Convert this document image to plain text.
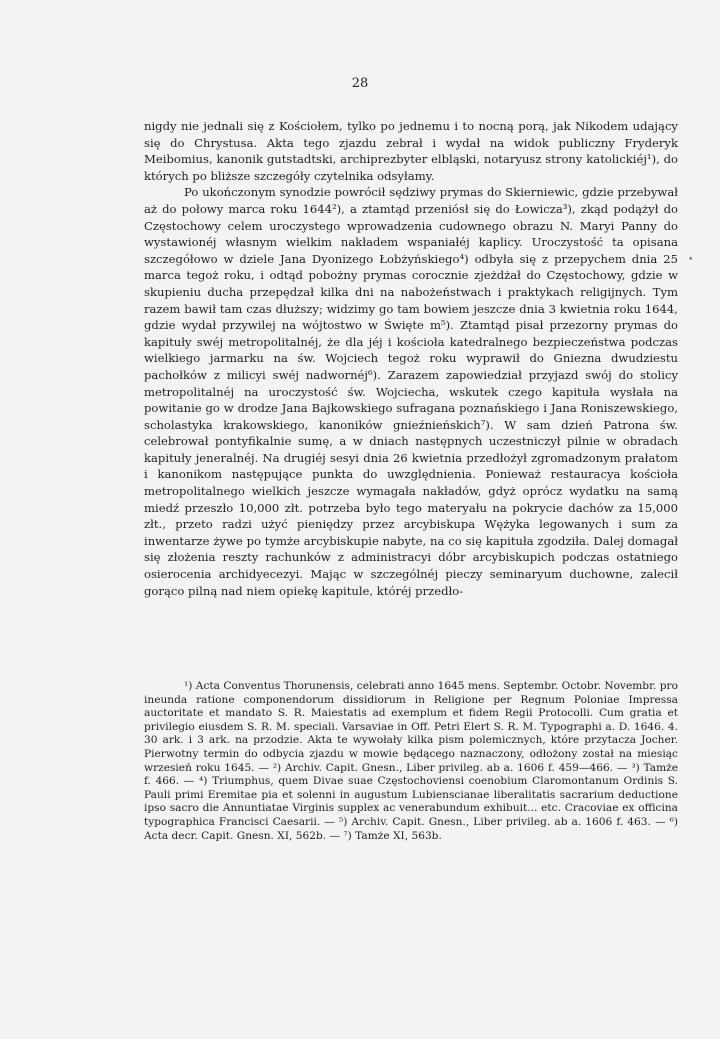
28

nigdy nie jednali się z Kościołem, tylko po jednemu i to nocną porą, jak Nikodem udający się do Chrystusa. Akta tego zjazdu zebrał i wydał na widok publiczny Fryderyk Meibomius, kanonik gutstadtski, archiprezbyter elbląski, notaryusz strony katolickiéj¹), do których po bliższe szczegóły czytelnika odsyłamy.

Po ukończonym synodzie powrócił sędziwy prymas do Skierniewic, gdzie przebywał aż do połowy marca roku 1644²), a ztamtąd przeniósł się do Łowicza³), zkąd podążył do Częstochowy celem uroczystego wprowadzenia cudownego obrazu N. Maryi Panny do wystawionéj własnym wielkim nakładem wspaniałéj kaplicy. Uroczystość ta opisana szczegółowo w dziele Jana Dyonizego Łobżyńskiego⁴) odbyła się z przepychem dnia 25 marca tegoż roku, i odtąd pobożny prymas corocznie zjeżdżał do Częstochowy, gdzie w skupieniu ducha przepędzał kilka dni na nabożeństwach i praktykach religijnych. Tym razem bawił tam czas dłuższy; widzimy go tam bowiem jeszcze dnia 3 kwietnia roku 1644, gdzie wydał przywilej na wójtostwo w Święte m⁵). Ztamtąd pisał przezorny prymas do kapituły swéj metropolitalnéj, że dla jéj i kościoła katedralnego bezpieczeństwa podczas wielkiego jarmarku na św. Wojciech tegoż roku wyprawił do Gniezna dwudziestu pachołków z milicyi swéj nadwornéj⁶). Zarazem zapowiedział przyjazd swój do stolicy metropolitalnéj na uroczystość św. Wojciecha, wskutek czego kapituła wysłała na powitanie go w drodze Jana Bajkowskiego sufragana poznańskiego i Jana Roniszewskiego, scholastyka krakowskiego, kanoników gnieźnieńskich⁷). W sam dzień Patrona św. celebrował pontyfikalnie sumę, a w dniach następnych uczestniczył pilnie w obradach kapituły jeneralnéj. Na drugiéj sesyi dnia 26 kwietnia przedłożył zgromadzonym prałatom i kanonikom następujące punkta do uwzględnienia. Ponieważ restauracya kościoła metropolitalnego wielkich jeszcze wymagała nakładów, gdyż oprócz wydatku na samą miedź przeszło 10,000 złt. potrzeba było tego materyału na pokrycie dachów za 15,000 złt., przeto radzi użyć pieniędzy przez arcybiskupa Wężyka legowanych i sum za inwentarze żywe po tymże arcybiskupie nabyte, na co się kapituła zgodziła. Dalej domagał się złożenia reszty rachunków z administracyi dóbr arcybiskupich podczas ostatniego osierocenia archidyecezyi. Mając w szczególnéj pieczy seminaryum duchowne, zalecił gorąco pilną nad niem opiekę kapitule, któréj przedło-

•

¹) Acta Conventus Thorunensis, celebrati anno 1645 mens. Septembr. Octobr. Novembr. pro ineunda ratione componendorum dissidiorum in Religione per Regnum Poloniae Impressa auctoritate et mandato S. R. Maiestatis ad exemplum et fidem Regii Protocolli. Cum gratia et privilegio eiusdem S. R. M. speciali. Varsaviae in Off. Petri Elert S. R. M. Typographi a. D. 1646. 4. 30 ark. i 3 ark. na przodzie. Akta te wywołały kilka pism polemicznych, które przytacza Jocher. Pierwotny termin do odbycia zjazdu w mowie będącego naznaczony, odłożony został na miesiąc wrzesień roku 1645. — ²) Archiv. Capit. Gnesn., Liber privileg. ab a. 1606 f. 459—466. — ³) Tamże f. 466. — ⁴) Triumphus, quem Divae suae Częstochoviensi coenobium Claromontanum Ordinis S. Pauli primi Eremitae pia et solenni in augustum Lubienscianae liberalitatis sacrarium deductione ipso sacro die Annuntiatae Virginis supplex ac venerabundum exhibuit... etc. Cracoviae ex officina typographica Francisci Caesarii. — ⁵) Archiv. Capit. Gnesn., Liber privileg. ab a. 1606 f. 463. — ⁶) Acta decr. Capit. Gnesn. XI, 562b. — ⁷) Tamże XI, 563b.
